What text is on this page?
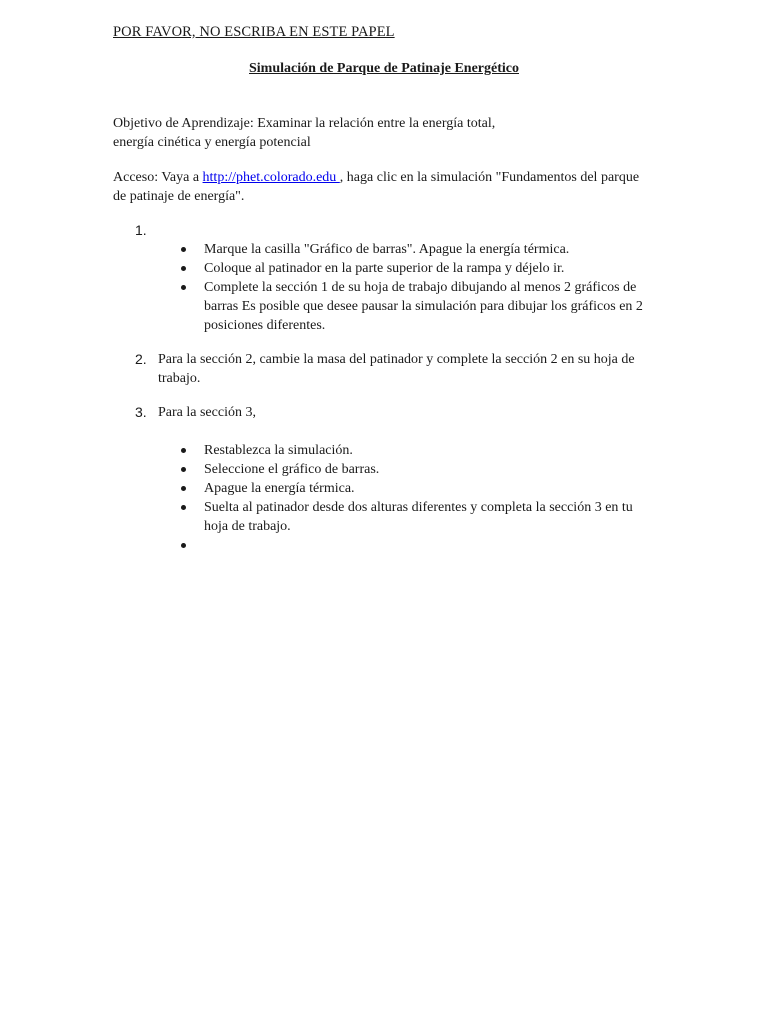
POR FAVOR, NO ESCRIBA EN ESTE PAPEL
Simulación de Parque de Patinaje Energético
Objetivo de Aprendizaje: Examinar la relación entre la energía total,
energía cinética y energía potencial
Acceso: Vaya a http://phet.colorado.edu , haga clic en la simulación "Fundamentos del parque de patinaje de energía".
1.
Marque la casilla "Gráfico de barras". Apague la energía térmica.
Coloque al patinador en la parte superior de la rampa y déjelo ir.
Complete la sección 1 de su hoja de trabajo dibujando al menos 2 gráficos de barras Es posible que desee pausar la simulación para dibujar los gráficos en 2 posiciones diferentes.
2. Para la sección 2, cambie la masa del patinador y complete la sección 2 en su hoja de trabajo.
3. Para la sección 3,
Restablezca la simulación.
Seleccione el gráfico de barras.
Apague la energía térmica.
Suelta al patinador desde dos alturas diferentes y completa la sección 3 en tu hoja de trabajo.
